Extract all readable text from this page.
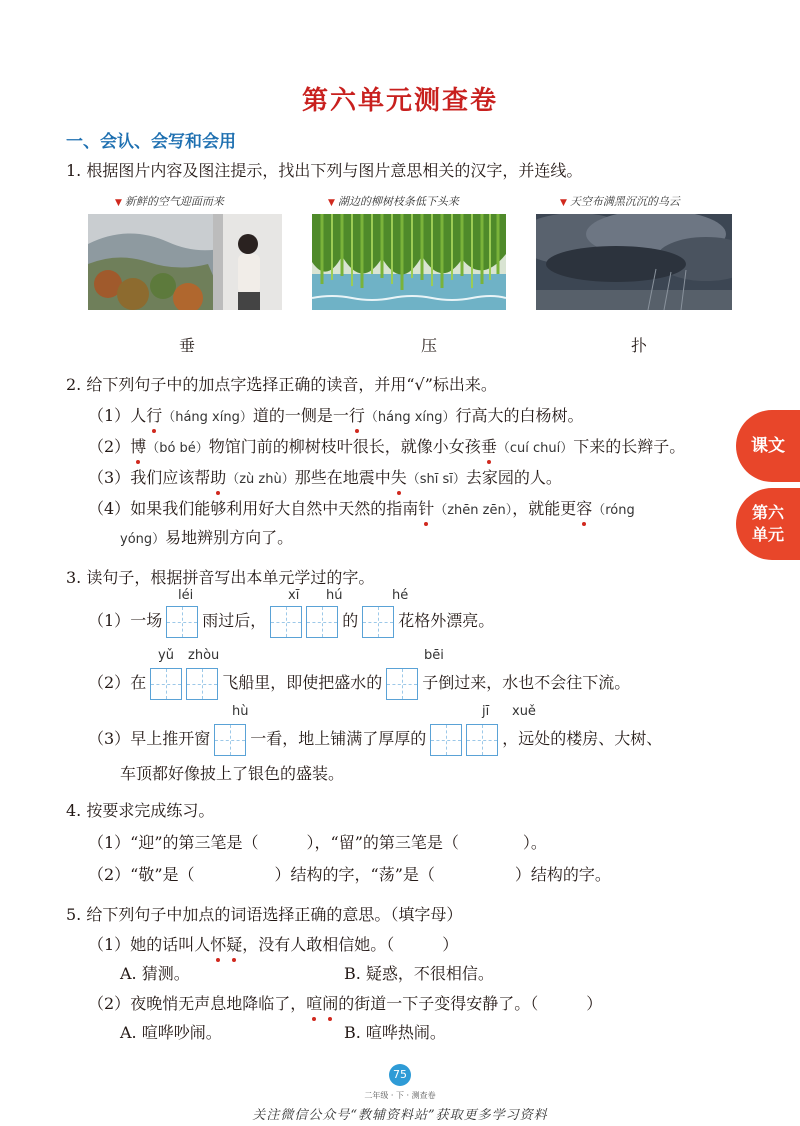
第六单元测查卷
一、会认、会写和会用
1. 根据图片内容及图注提示，找出下列与图片意思相关的汉字，并连线。
▼ 新鲜的空气迎面而来	▼ 湖边的柳树枝条低下头来	▼ 天空布满黑沉沉的乌云
垂	压	扑
2. 给下列句子中的加点字选择正确的读音，并用“√”标出来。
（1）人行（háng xíng）道的一侧是一行（háng xíng）行高大的白杨树。
（2）博（bó bé）物馆门前的柳树枝叶很长，就像小女孩垂（cuí chuí）下来的长辫子。
（3）我们应该帮助（zù zhù）那些在地震中失（shī sī）去家园的人。
（4）如果我们能够利用好大自然中天然的指南针（zhēn zēn），就能更容（róng
yóng）易地辨别方向了。
3. 读句子，根据拼音写出本单元学过的字。
léi	xī hú	hé
（1）一场	雨过后，	的	花格外漂亮。
yǔ zhòu	bēi
（2）在	飞船里，即使把盛水的	子倒过来，水也不会往下流。
hù	jī xuě
（3）早上推开窗	一看，地上铺满了厚厚的	，远处的楼房、大树、
车顶都好像披上了银色的盛装。
4. 按要求完成练习。
（1）“迎”的第三笔是（　　　），“留”的第三笔是（　　　　）。
（2）“敬”是（　　　　　）结构的字，“荡”是（　　　　　）结构的字。
5. 给下列句子中加点的词语选择正确的意思。（填字母）
（1）她的话叫人怀疑，没有人敢相信她。（　　　）
A. 猜测。	B. 疑惑，不很相信。
（2）夜晚悄无声息地降临了，喧闹的街道一下子变得安静了。（　　　）
A. 喧哗吵闹。	B. 喧哗热闹。
课文
第六单元
75
二年级 · 下 · 测查卷
关注微信公众号“教辅资料站”获取更多学习资料
